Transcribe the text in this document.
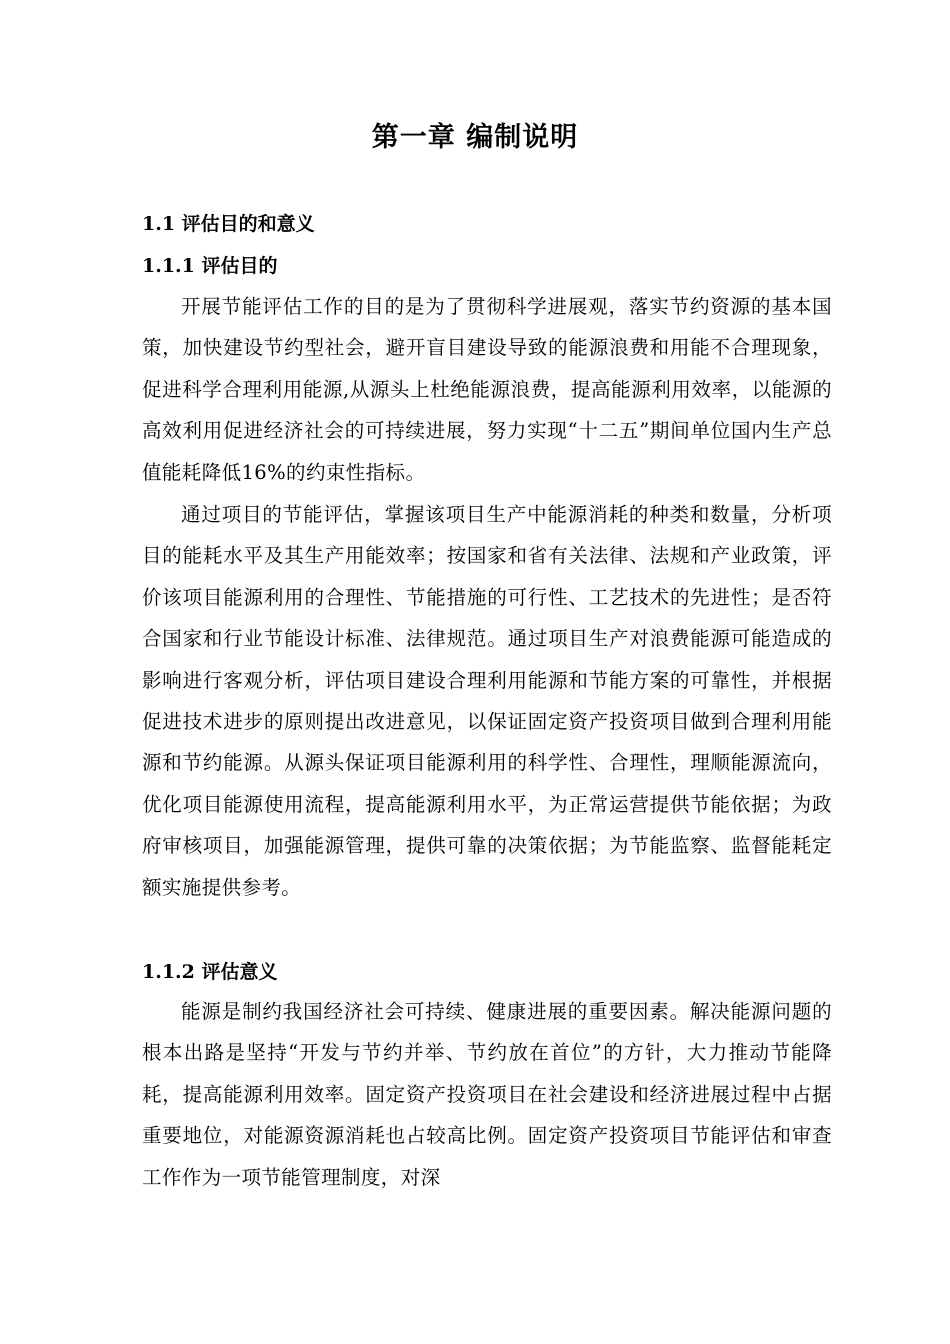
第一章 编制说明
1.1 评估目的和意义
1.1.1 评估目的

开展节能评估工作的目的是为了贯彻科学进展观，落实节约资源的基本国策，加快建设节约型社会，避开盲目建设导致的能源浪费和用能不合理现象，促进科学合理利用能源,从源头上杜绝能源浪费，提高能源利用效率，以能源的高效利用促进经济社会的可持续进展，努力实现“十二五”期间单位国内生产总值能耗降低16%的约束性指标。

通过项目的节能评估，掌握该项目生产中能源消耗的种类和数量，分析项目的能耗水平及其生产用能效率；按国家和省有关法律、法规和产业政策，评价该项目能源利用的合理性、节能措施的可行性、工艺技术的先进性；是否符合国家和行业节能设计标准、法律规范。通过项目生产对浪费能源可能造成的影响进行客观分析，评估项目建设合理利用能源和节能方案的可靠性，并根据促进技术进步的原则提出改进意见，以保证固定资产投资项目做到合理利用能源和节约能源。从源头保证项目能源利用的科学性、合理性，理顺能源流向，优化项目能源使用流程，提高能源利用水平，为正常运营提供节能依据；为政府审核项目，加强能源管理，提供可靠的决策依据；为节能监察、监督能耗定额实施提供参考。

1.1.2 评估意义

能源是制约我国经济社会可持续、健康进展的重要因素。解决能源问题的根本出路是坚持“开发与节约并举、节约放在首位”的方针，大力推动节能降耗，提高能源利用效率。固定资产投资项目在社会建设和经济进展过程中占据重要地位，对能源资源消耗也占较高比例。固定资产投资项目节能评估和审查工作作为一项节能管理制度，对深
